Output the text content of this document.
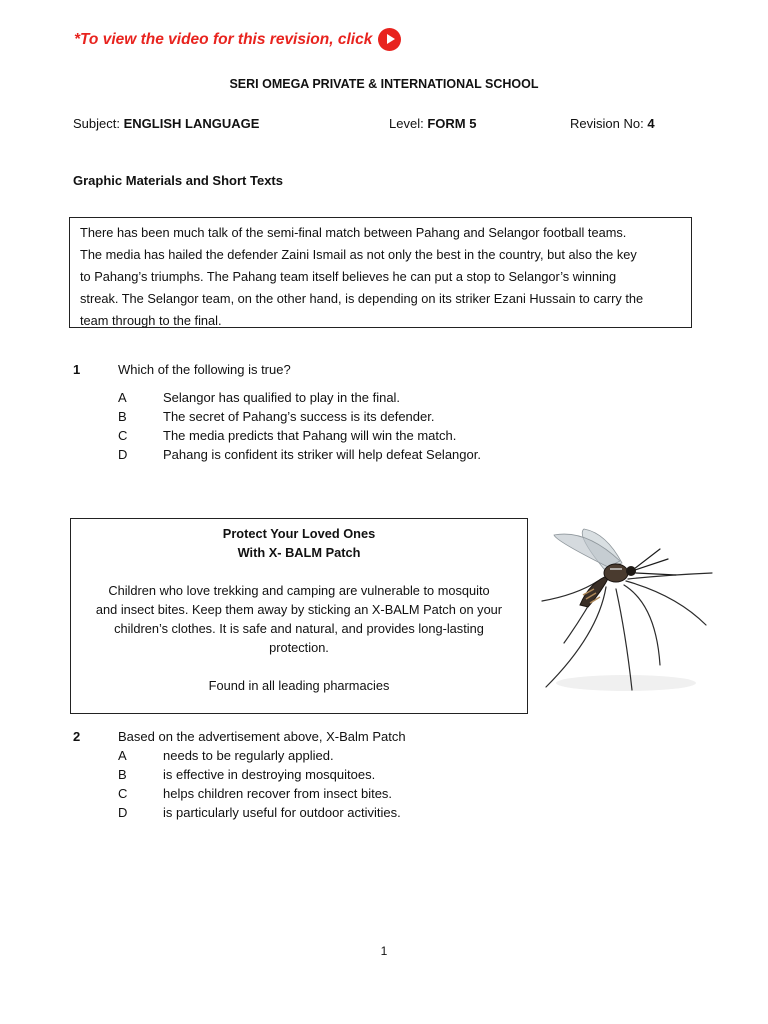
*To view the video for this revision, click
SERI OMEGA PRIVATE & INTERNATIONAL SCHOOL
Subject: ENGLISH LANGUAGE	Level: FORM 5	Revision No: 4
Graphic Materials and Short Texts
There has been much talk of the semi-final match between Pahang and Selangor football teams.
The media has hailed the defender Zaini Ismail as not only the best in the country, but also the key
to Pahang’s triumphs. The Pahang team itself believes he can put a stop to Selangor’s winning
streak. The Selangor team, on the other hand, is depending on its striker Ezani Hussain to carry the
team through to the final.
1	Which of the following is true?
A	Selangor has qualified to play in the final.
B	The secret of Pahang’s success is its defender.
C	The media predicts that Pahang will win the match.
D	Pahang is confident its striker will help defeat Selangor.
Protect Your Loved Ones
With X- BALM Patch
Children who love trekking and camping are vulnerable to mosquito
and insect bites. Keep them away by sticking an X-BALM Patch on your
children’s clothes. It is safe and natural, and provides long-lasting
protection.
Found in all leading pharmacies
2	Based on the advertisement above, X-Balm Patch
A	needs to be regularly applied.
B	is effective in destroying mosquitoes.
C	helps children recover from insect bites.
D	is particularly useful for outdoor activities.
1
